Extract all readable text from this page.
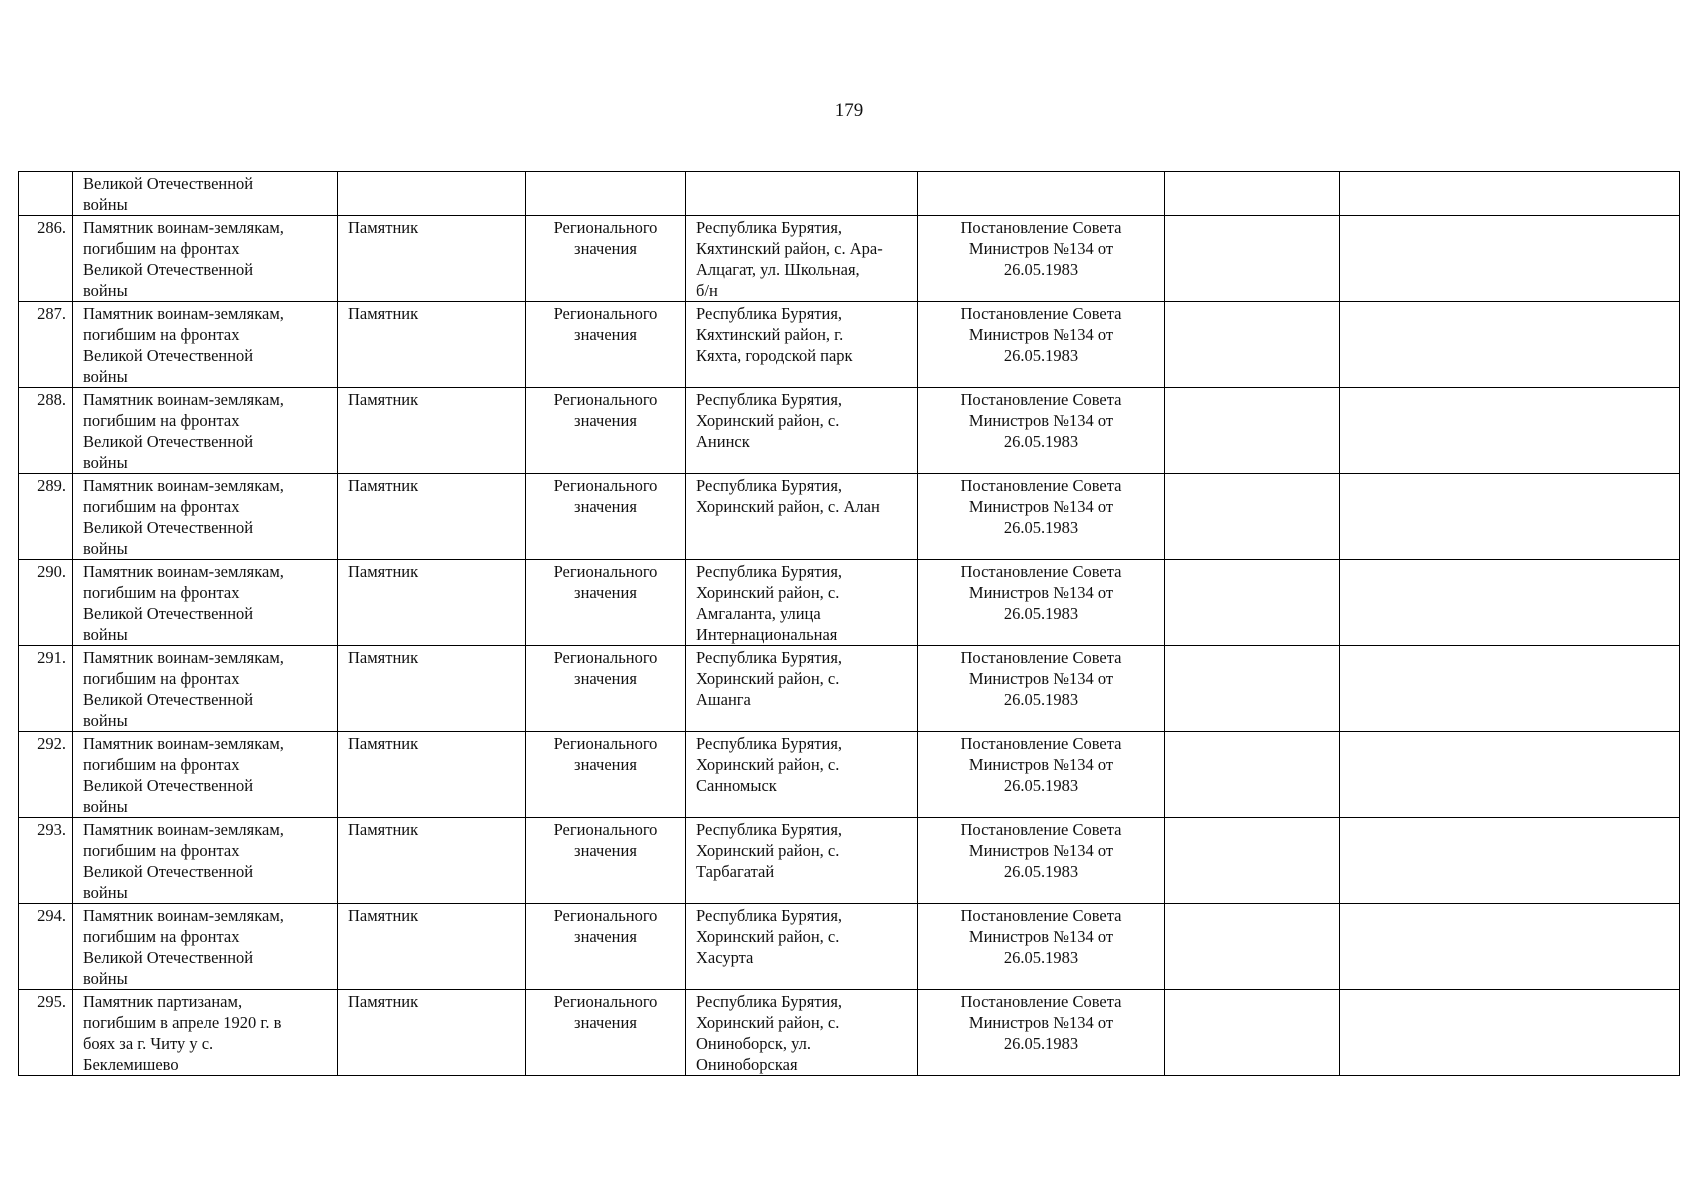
179
	Великой Отечественной
войны						
286.	Памятник воинам-землякам,
погибшим на фронтах
Великой Отечественной
войны	Памятник	Регионального
значения	Республика Бурятия,
Кяхтинский район, с. Ара-
Алцагат, ул. Школьная,
б/н	Постановление Совета
Министров №134 от
26.05.1983		
287.	Памятник воинам-землякам,
погибшим на фронтах
Великой Отечественной
войны	Памятник	Регионального
значения	Республика Бурятия,
Кяхтинский район, г.
Кяхта, городской парк	Постановление Совета
Министров №134 от
26.05.1983		
288.	Памятник воинам-землякам,
погибшим на фронтах
Великой Отечественной
войны	Памятник	Регионального
значения	Республика Бурятия,
Хоринский район, с.
Анинск	Постановление Совета
Министров №134 от
26.05.1983		
289.	Памятник воинам-землякам,
погибшим на фронтах
Великой Отечественной
войны	Памятник	Регионального
значения	Республика Бурятия,
Хоринский район, с. Алан	Постановление Совета
Министров №134 от
26.05.1983		
290.	Памятник воинам-землякам,
погибшим на фронтах
Великой Отечественной
войны	Памятник	Регионального
значения	Республика Бурятия,
Хоринский район, с.
Амгаланта, улица
Интернациональная	Постановление Совета
Министров №134 от
26.05.1983		
291.	Памятник воинам-землякам,
погибшим на фронтах
Великой Отечественной
войны	Памятник	Регионального
значения	Республика Бурятия,
Хоринский район, с.
Ашанга	Постановление Совета
Министров №134 от
26.05.1983		
292.	Памятник воинам-землякам,
погибшим на фронтах
Великой Отечественной
войны	Памятник	Регионального
значения	Республика Бурятия,
Хоринский район, с.
Санномыск	Постановление Совета
Министров №134 от
26.05.1983		
293.	Памятник воинам-землякам,
погибшим на фронтах
Великой Отечественной
войны	Памятник	Регионального
значения	Республика Бурятия,
Хоринский район, с.
Тарбагатай	Постановление Совета
Министров №134 от
26.05.1983		
294.	Памятник воинам-землякам,
погибшим на фронтах
Великой Отечественной
войны	Памятник	Регионального
значения	Республика Бурятия,
Хоринский район, с.
Хасурта	Постановление Совета
Министров №134 от
26.05.1983		
295.	Памятник партизанам,
погибшим в апреле 1920 г. в
боях за г. Читу у с.
Беклемишево	Памятник	Регионального
значения	Республика Бурятия,
Хоринский район, с.
Ониноборск, ул.
Ониноборская	Постановление Совета
Министров №134 от
26.05.1983		
